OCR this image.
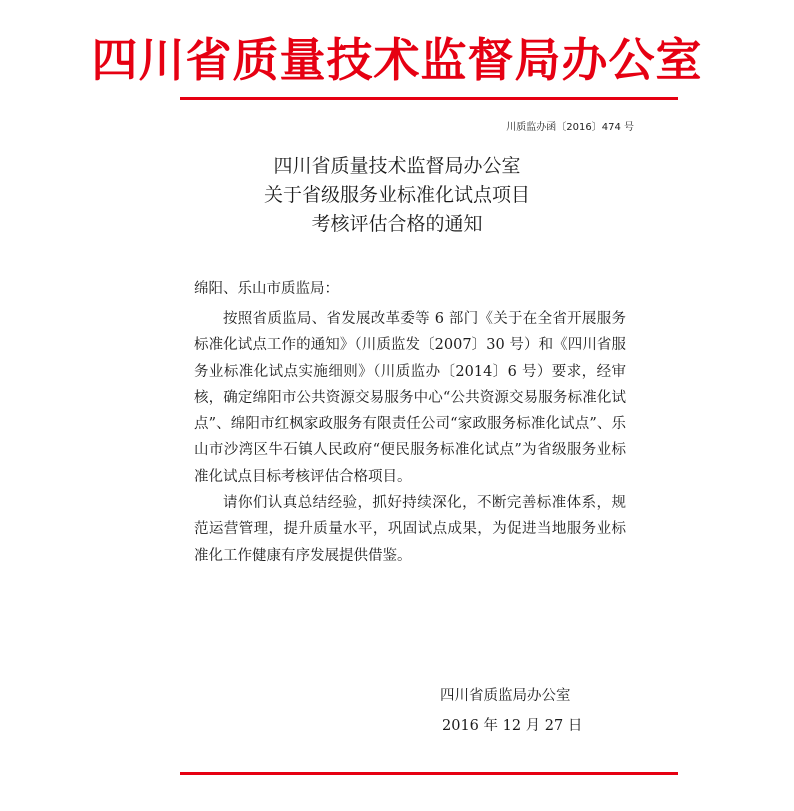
四川省质量技术监督局办公室
川质监办函〔2016〕474 号
四川省质量技术监督局办公室
关于省级服务业标准化试点项目
考核评估合格的通知
绵阳、乐山市质监局：

按照省质监局、省发展改革委等 6 部门《关于在全省开展服务标准化试点工作的通知》（川质监发〔2007〕30 号）和《四川省服务业标准化试点实施细则》（川质监办〔2014〕6 号）要求，经审核，确定绵阳市公共资源交易服务中心“公共资源交易服务标准化试点”、绵阳市红枫家政服务有限责任公司“家政服务标准化试点”、乐山市沙湾区牛石镇人民政府“便民服务标准化试点”为省级服务业标准化试点目标考核评估合格项目。

请你们认真总结经验，抓好持续深化，不断完善标准体系，规范运营管理，提升质量水平，巩固试点成果，为促进当地服务业标准化工作健康有序发展提供借鉴。

四川省质监局办公室
2016 年 12 月 27 日
